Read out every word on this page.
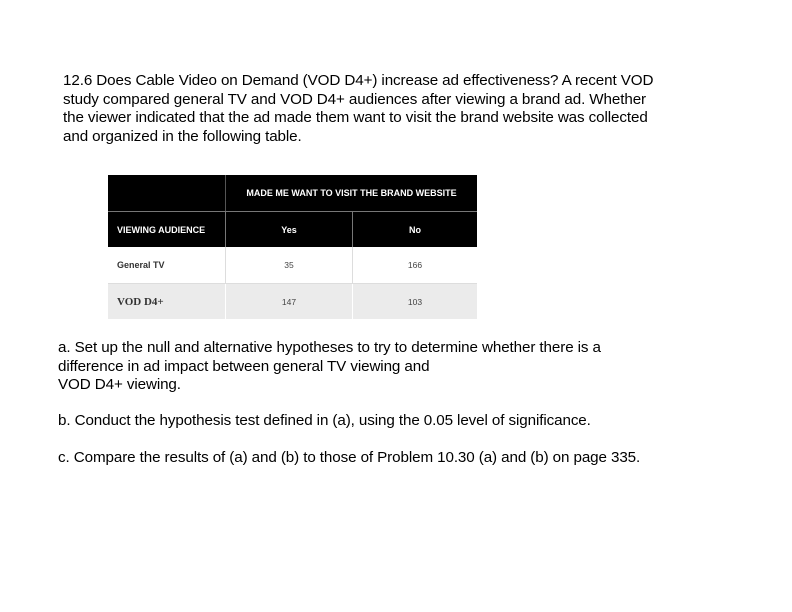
12.6 Does Cable Video on Demand (VOD D4+) increase ad effectiveness? A recent VOD
study compared general TV and VOD D4+ audiences after viewing a brand ad. Whether
the viewer indicated that the ad made them want to visit the brand website was collected
and organized in the following table.
MADE ME WANT TO VISIT THE BRAND WEBSITE
VIEWING AUDIENCE	Yes	No
General TV	35	166
VOD D4+	147	103
a. Set up the null and alternative hypotheses to try to determine whether there is a
difference in ad impact between general TV viewing and
VOD D4+ viewing.
b. Conduct the hypothesis test defined in (a), using the 0.05 level of significance.
c. Compare the results of (a) and (b) to those of Problem 10.30 (a) and (b) on page 335.
